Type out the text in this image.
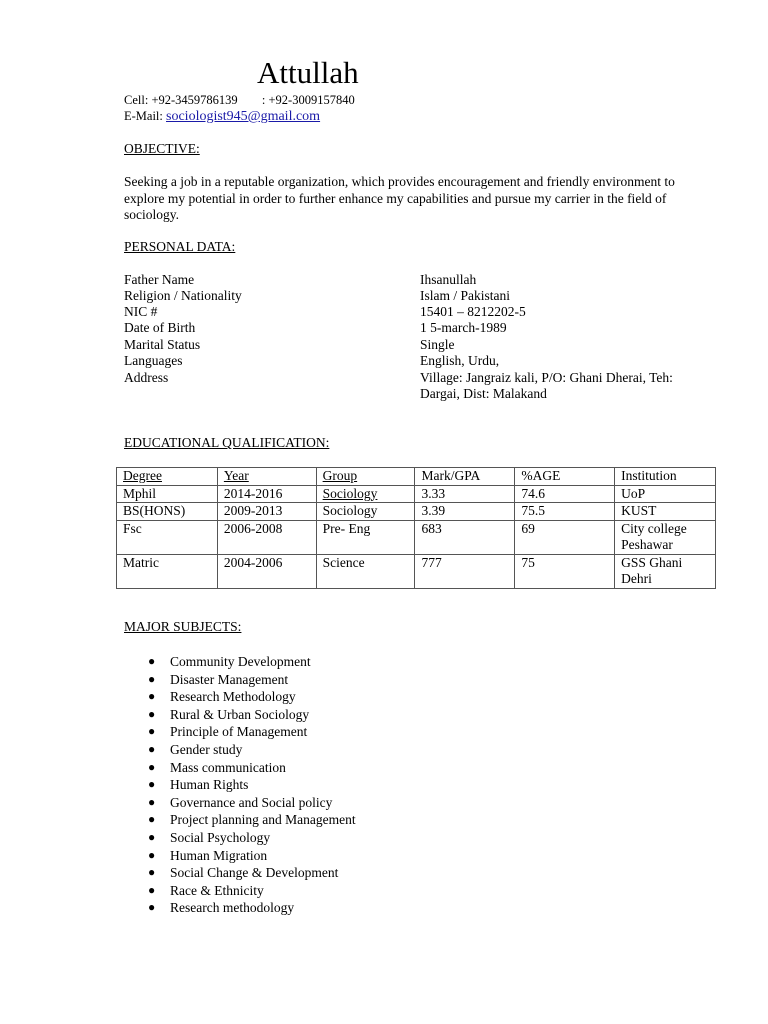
Attullah
Cell: +92-3459786139 : +92-3009157840
E-Mail: sociologist945@gmail.com
OBJECTIVE:
Seeking a job in a reputable organization, which provides encouragement and friendly environment to explore my potential in order to further enhance my capabilities and pursue my carrier in the field of sociology.
PERSONAL DATA:
Father Name	Ihsanullah
Religion / Nationality	Islam / Pakistani
NIC #	15401 – 8212202-5
Date of Birth	1 5-march-1989
Marital Status	Single
Languages	English, Urdu,
Address	Village: Jangraiz kali, P/O: Ghani Dherai, Teh:
Dargai, Dist: Malakand
EDUCATIONAL QUALIFICATION:
Degree	Year	Group	Mark/GPA	%AGE	Institution
Mphil	2014-2016	Sociology	3.33	74.6	UoP
BS(HONS)	2009-2013	Sociology	3.39	75.5	KUST
Fsc	2006-2008	Pre- Eng	683	69	City college
Peshawar
Matric	2004-2006	Science	777	75	GSS Ghani
Dehri
MAJOR SUBJECTS:
● Community Development
● Disaster Management
● Research Methodology
● Rural & Urban Sociology
● Principle of Management
● Gender study
● Mass communication
● Human Rights
● Governance and Social policy
● Project planning and Management
● Social Psychology
● Human Migration
● Social Change & Development
● Race & Ethnicity
● Research methodology
